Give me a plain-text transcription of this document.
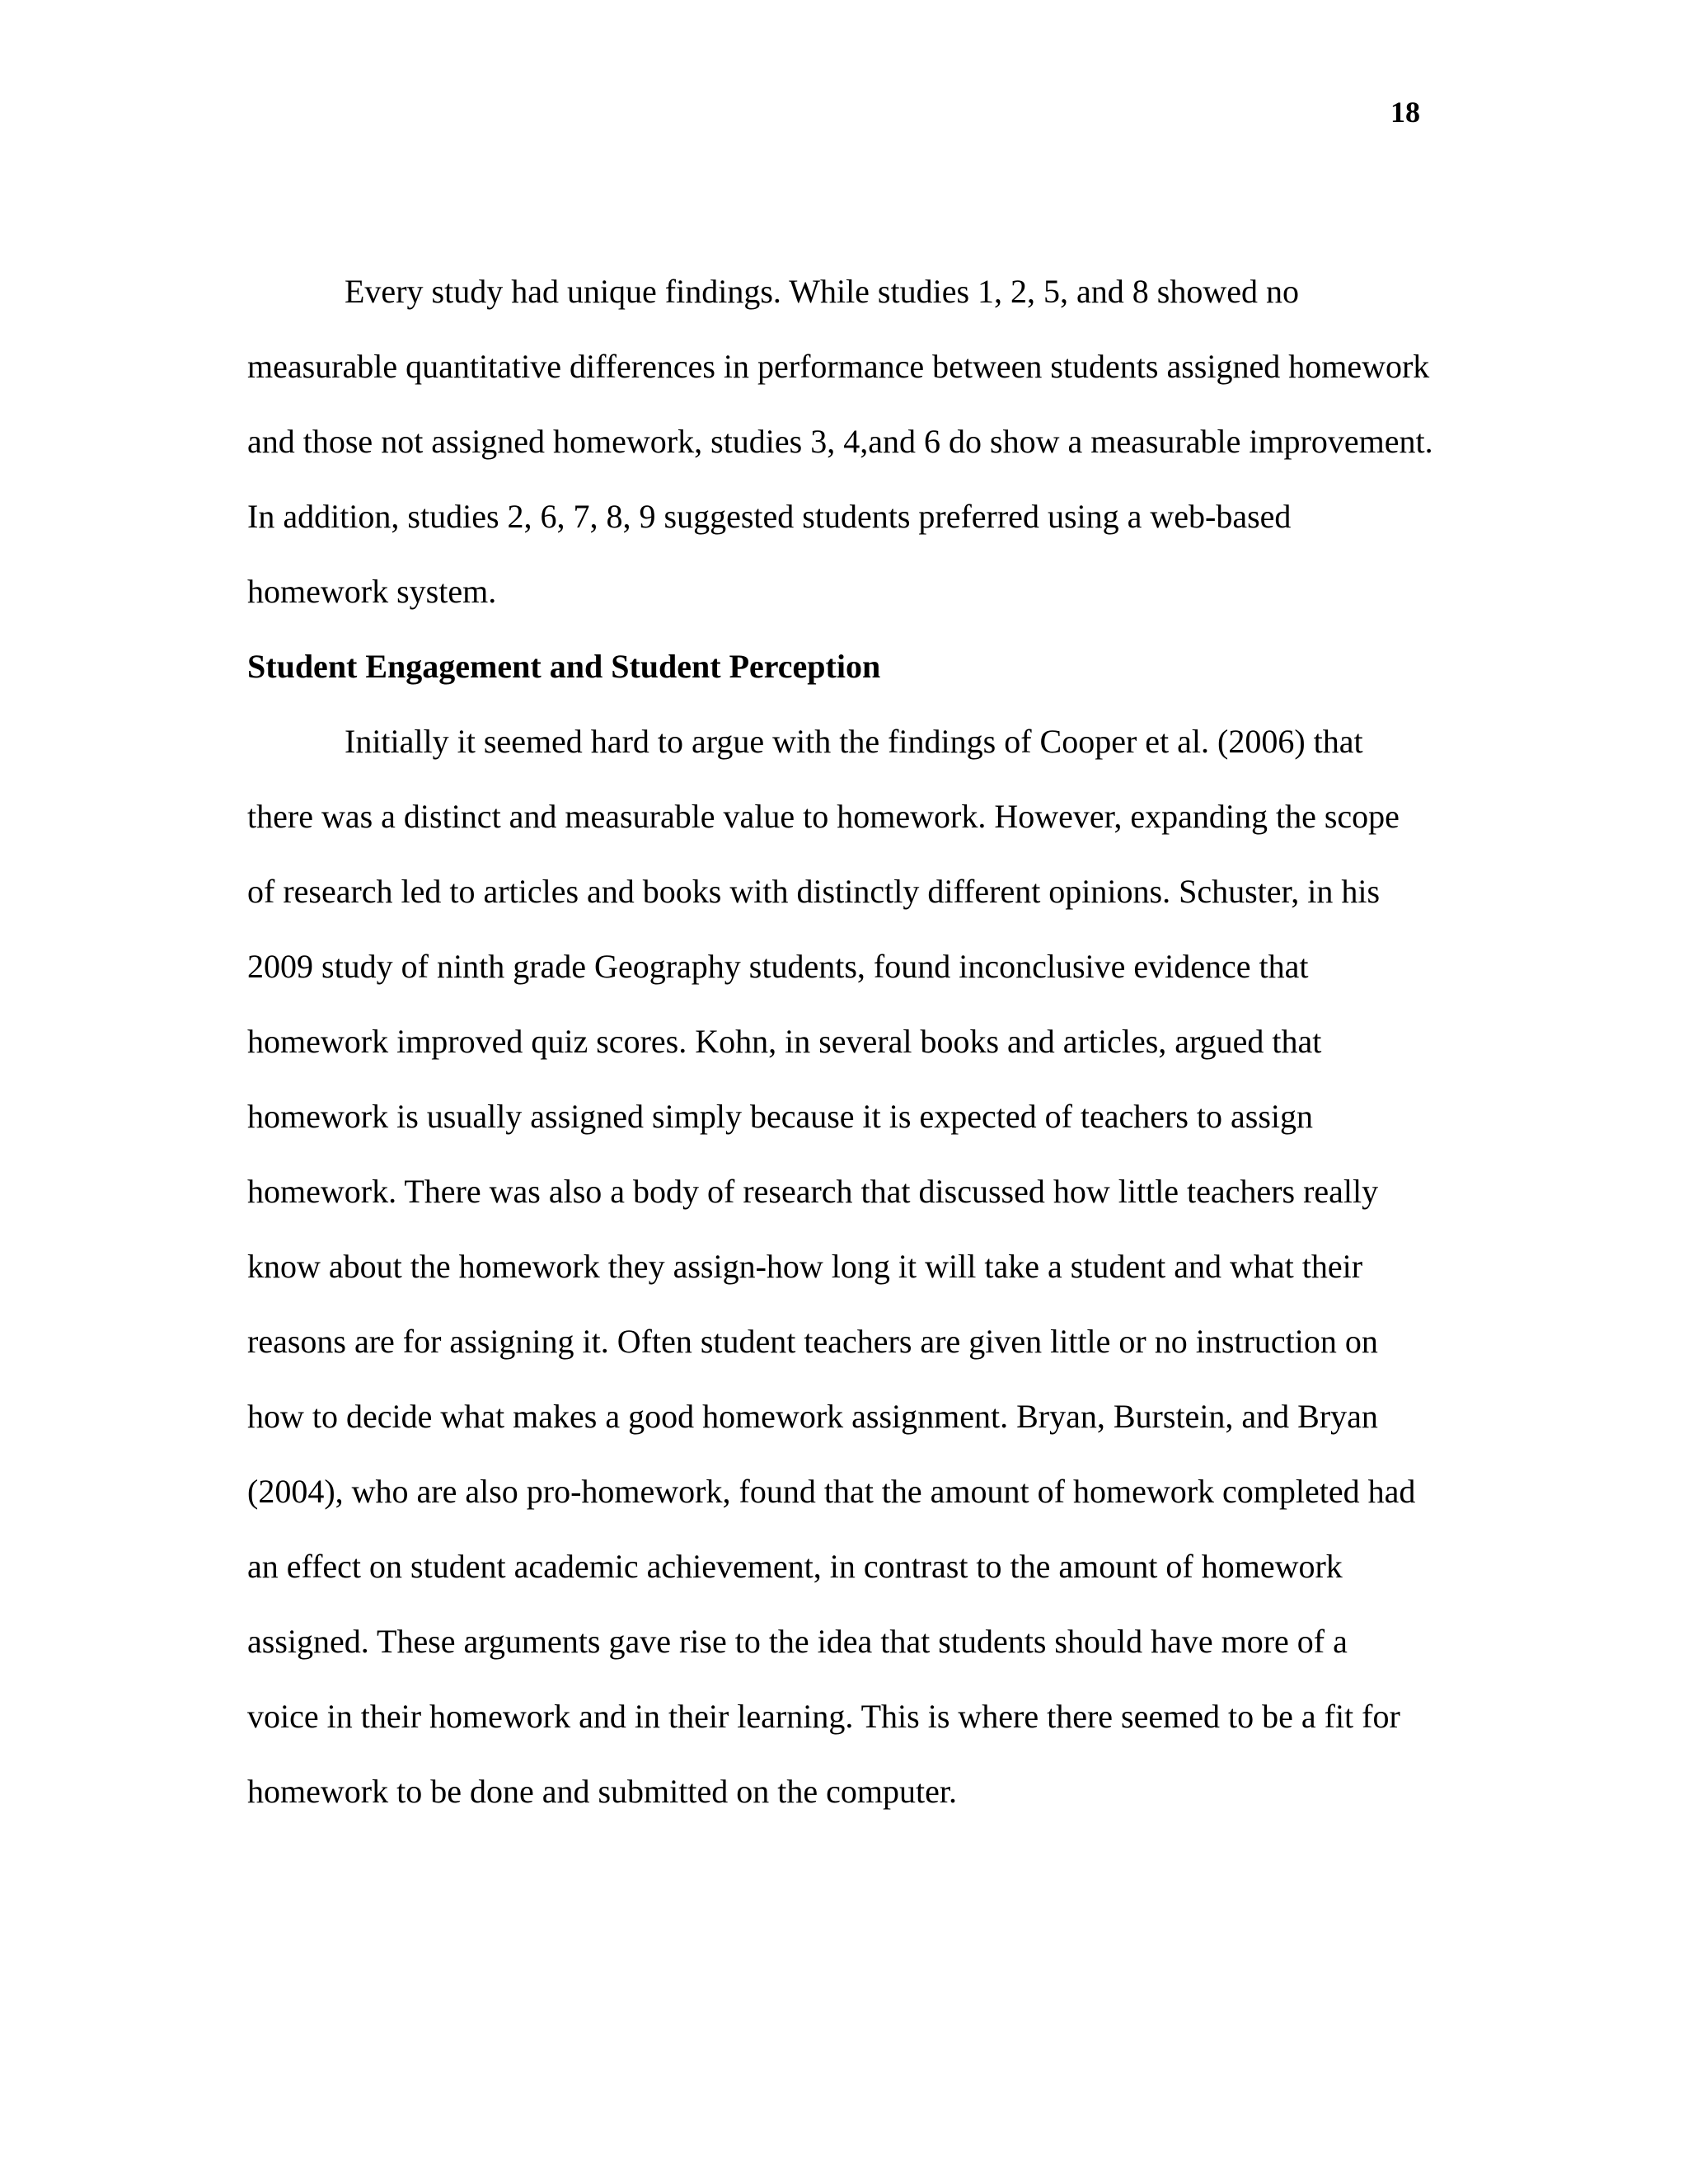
18
Every study had unique findings. While studies 1, 2, 5, and 8 showed no
measurable quantitative differences in performance between students assigned homework
and those not assigned homework, studies 3, 4,and 6 do show a measurable improvement.
In addition, studies 2, 6, 7, 8, 9 suggested students preferred using a web-based
homework system.
Student Engagement and Student Perception
Initially it seemed hard to argue with the findings of Cooper et al. (2006) that
there was a distinct and measurable value to homework. However, expanding the scope
of research led to articles and books with distinctly different opinions. Schuster, in his
2009 study of ninth grade Geography students, found inconclusive evidence that
homework improved quiz scores. Kohn, in several books and articles, argued that
homework is usually assigned simply because it is expected of teachers to assign
homework. There was also a body of research that discussed how little teachers really
know about the homework they assign-how long it will take a student and what their
reasons are for assigning it. Often student teachers are given little or no instruction on
how to decide what makes a good homework assignment. Bryan, Burstein, and Bryan
(2004), who are also pro-homework, found that the amount of homework completed had
an effect on student academic achievement, in contrast to the amount of homework
assigned. These arguments gave rise to the idea that students should have more of a
voice in their homework and in their learning. This is where there seemed to be a fit for
homework to be done and submitted on the computer.
